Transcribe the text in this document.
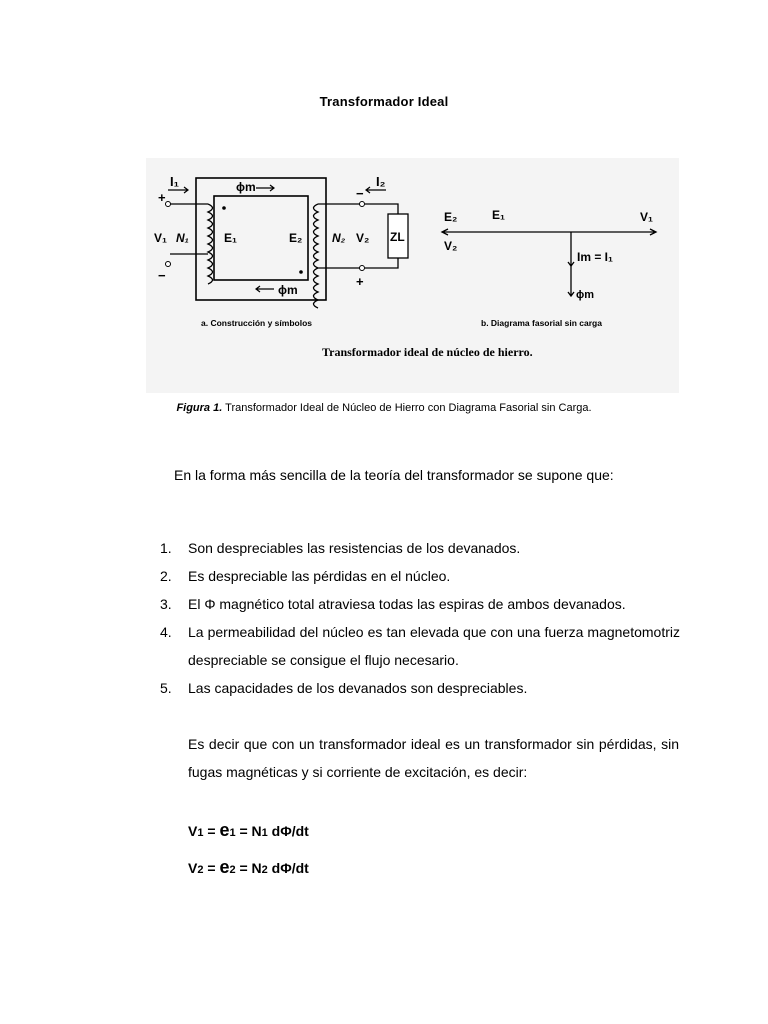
Transformador Ideal
I₁	ϕm
+
−
V₁ N₁	E₁	E₂ N₂ V₂ ZL
−
I₂
+
ϕm
E₂	E₁	V₁
V₂
Im = I₁
ϕm
a. Construcción y símbolos	b. Diagrama fasorial sin carga
Transformador ideal de núcleo de hierro.
Figura 1. Transformador Ideal de Núcleo de Hierro con Diagrama Fasorial sin Carga.
En la forma más sencilla de la teoría del transformador se supone que:
1. Son despreciables las resistencias de los devanados.
2. Es despreciable las pérdidas en el núcleo.
3. El Φ magnético total atraviesa todas las espiras de ambos devanados.
4. La permeabilidad del núcleo es tan elevada que con una fuerza magnetomotriz despreciable se consigue el flujo necesario.
5. Las capacidades de los devanados son despreciables.
Es decir que con un transformador ideal es un transformador sin pérdidas, sin fugas magnéticas y si corriente de excitación, es decir:
V1 = e1 = N1 dΦ/dt
V2 = e2 = N2 dΦ/dt
